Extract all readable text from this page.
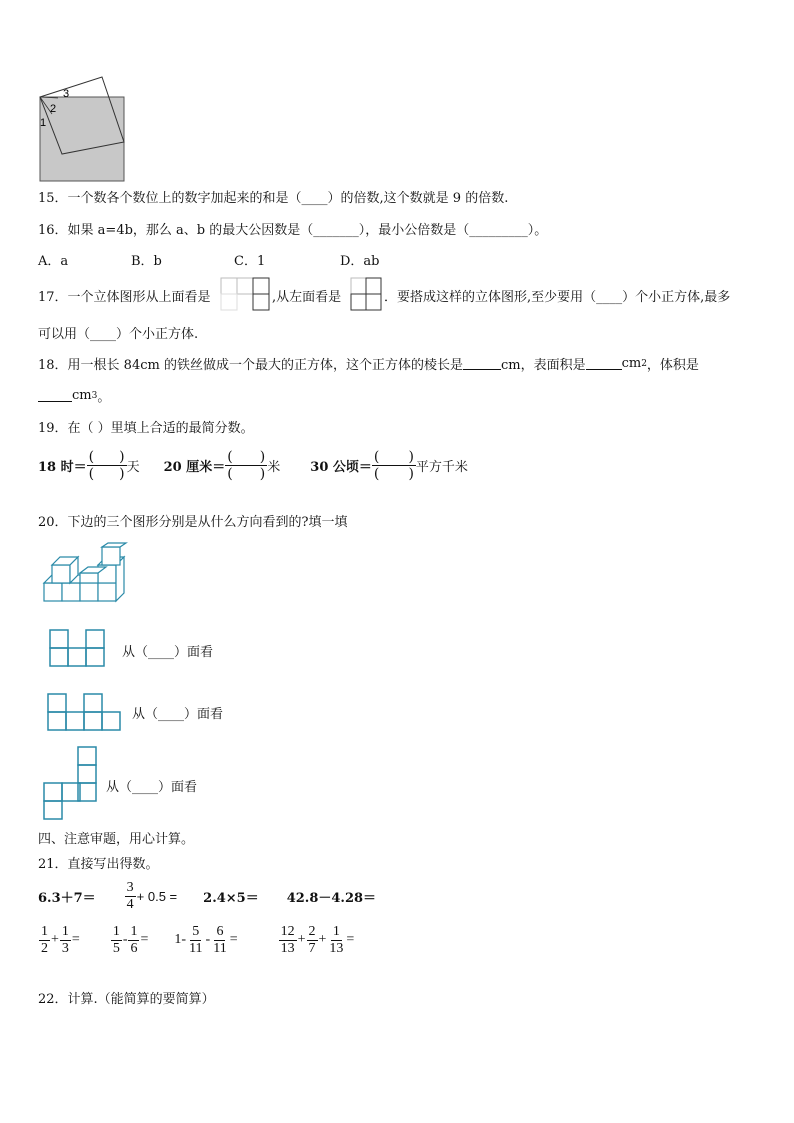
1
2
3
15．一个数各个数位上的数字加起来的和是（____）的倍数,这个数就是 9 的倍数.
16．如果 a=4b，那么 a、b 的最大公因数是（_______），最小公倍数是（_________）。
A．a	B．b	C．1	D．ab
17．一个立体图形从上面看是	,从左面看是	．要搭成这样的立体图形,至少要用（____）个小正方体,最多
可以用（____）个小正方体.
18．用一根长 84cm 的铁丝做成一个最大的正方体，这个正方体的棱长是	cm，表面积是	cm 2 ，体积是
cm 3 。
19．在（ ）里填上合适的最简分数。
18 时＝
( )
( ) 天 20 厘米＝
( )
( ) 米 30 公顷＝
( )
( ) 平方千米
20．下边的三个图形分别是从什么方向看到的?填一填
从（____）面看
从（____）面看
从（____）面看
四、注意审题，用心计算。
21．直接写出得数。
$6.3+7= \frac{3}{4} + 0.5 = 2.4\times 5= 42.8-4.28=$
$\frac{1}{2} + \frac{1}{3} = \frac{1}{5} - \frac{1}{6} = 1- \frac{5}{11} - \frac{6}{11}$ =	$\frac{12}{13} + \frac{2}{7} + \frac{1}{13}$ =
22．计算.（能简算的要简算）
